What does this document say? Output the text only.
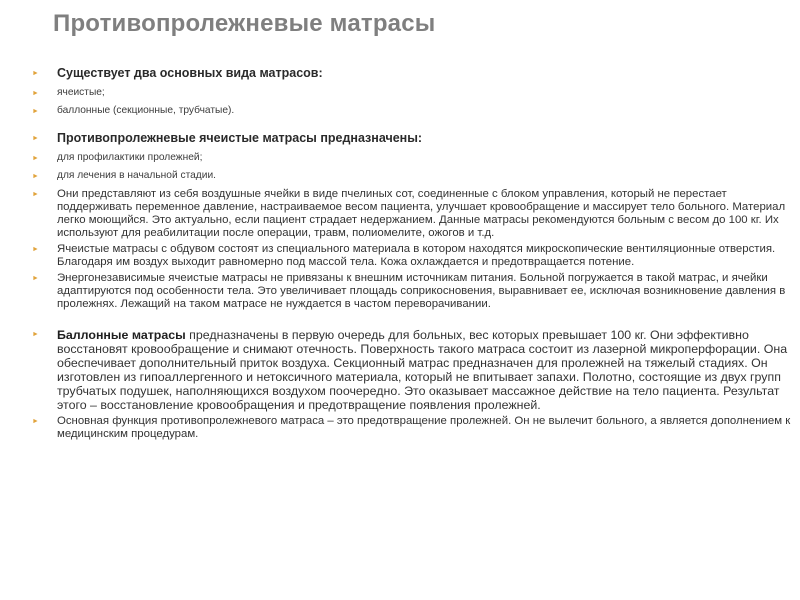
Противопролежневые матрасы
► Существует два основных вида матрасов:
► ячеистые;
► баллонные (секционные, трубчатые).
► Противопролежневые ячеистые матрасы предназначены:
► для профилактики пролежней;
► для лечения в начальной стадии.
► Они представляют из себя воздушные ячейки в виде пчелиных сот, соединенные с блоком управления, который не перестает поддерживать переменное давление, настраиваемое весом пациента, улучшает кровообращение и массирует тело больного. Материал легко моющийся. Это актуально, если пациент страдает недержанием. Данные матрасы рекомендуются больным с весом до 100 кг. Их используют для реабилитации после операции, травм, полиомелите, ожогов и т.д.
► Ячеистые матрасы с обдувом состоят из специального материала в котором находятся микроскопические вентиляционные отверстия. Благодаря им воздух выходит равномерно под массой тела. Кожа охлаждается и предотвращается потение.
► Энергонезависимые ячеистые матрасы не привязаны к внешним источникам питания. Больной погружается в такой матрас, и ячейки адаптируются под особенности тела. Это увеличивает площадь соприкосновения, выравнивает ее, исключая возникновение давления в пролежнях. Лежащий на таком матрасе не нуждается в частом переворачивании.
► Баллонные матрасы предназначены в первую очередь для больных, вес которых превышает 100 кг. Они эффективно восстановят кровообращение и снимают отечность. Поверхность такого матраса состоит из лазерной микроперфорации. Она обеспечивает дополнительный приток воздуха. Секционный матрас предназначен для пролежней на тяжелый стадиях. Он изготовлен из гипоаллергенного и нетоксичного материала, который не впитывает запахи. Полотно, состоящие из двух групп трубчатых подушек, наполняющихся воздухом поочередно. Это оказывает массажное действие на тело пациента. Результат этого – восстановление кровообращения и предотвращение появления пролежней.
► Основная функция противопролежневого матраса – это предотвращение пролежней. Он не вылечит больного, а является дополнением к медицинским процедурам.
